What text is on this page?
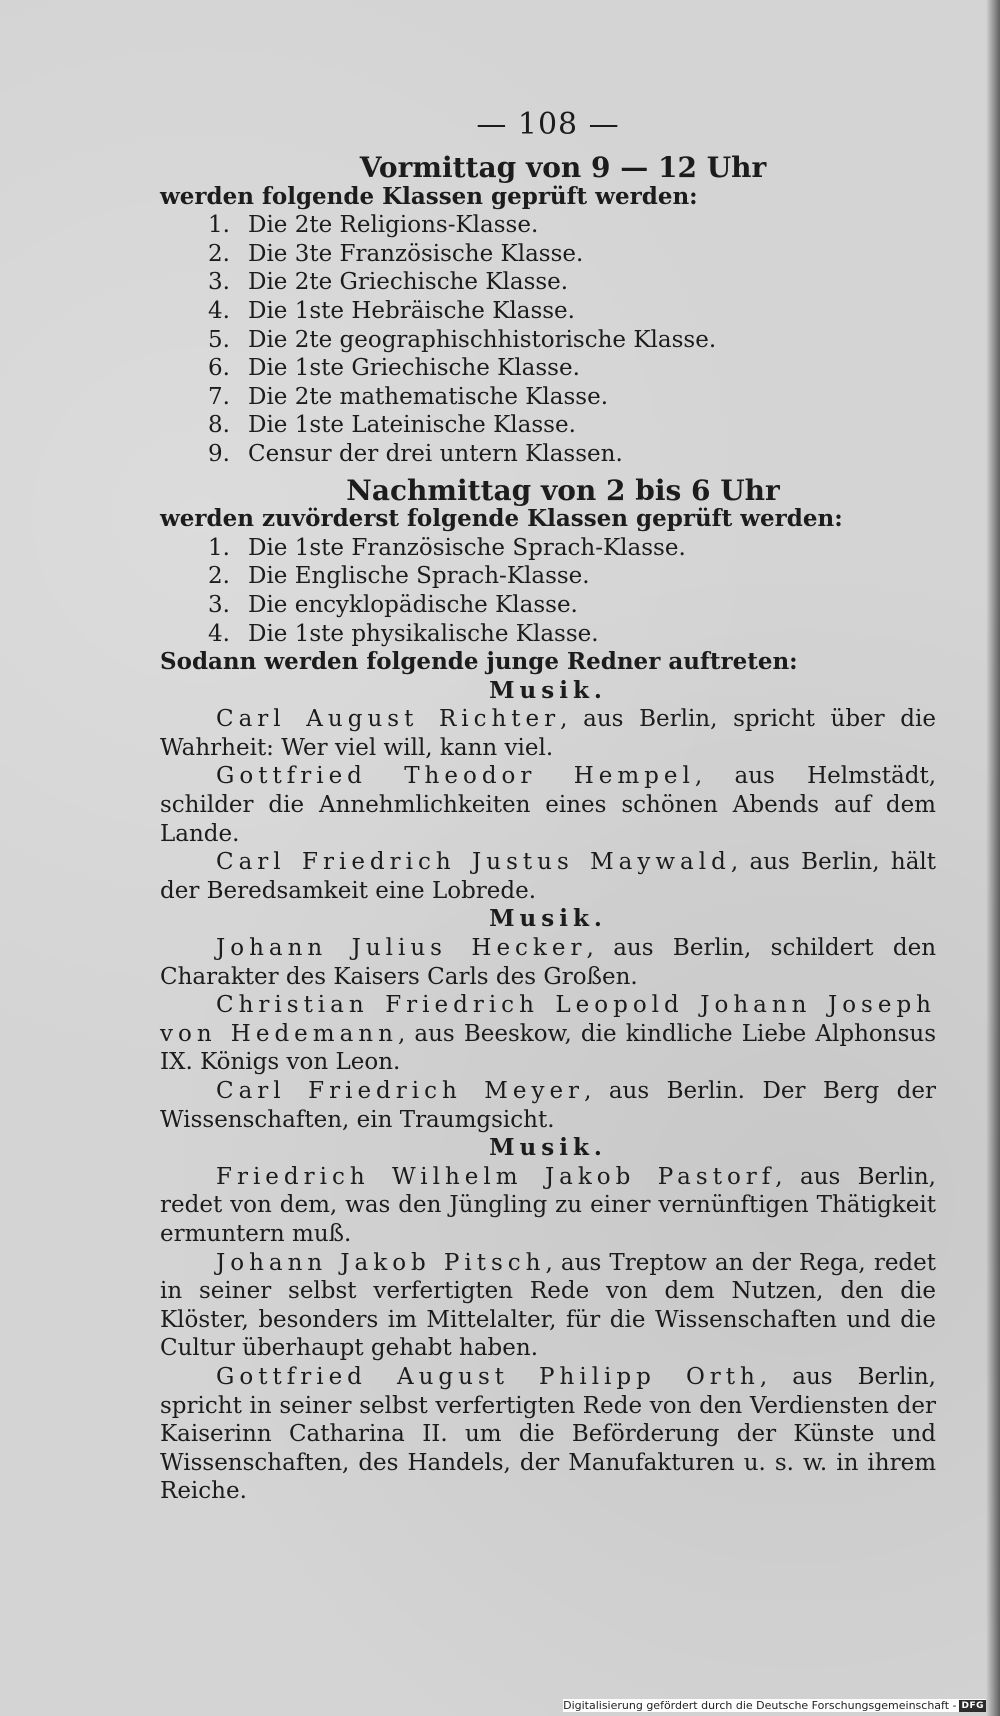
— 108 —
Vormittag von 9 — 12 Uhr
werden folgende Klassen geprüft werden:
1. Die 2te Religions-Klasse.
2. Die 3te Französische Klasse.
3. Die 2te Griechische Klasse.
4. Die 1ste Hebräische Klasse.
5. Die 2te geographischhistorische Klasse.
6. Die 1ste Griechische Klasse.
7. Die 2te mathematische Klasse.
8. Die 1ste Lateinische Klasse.
9. Censur der drei untern Klassen.
Nachmittag von 2 bis 6 Uhr
werden zuvörderst folgende Klassen geprüft werden:
1. Die 1ste Französische Sprach-Klasse.
2. Die Englische Sprach-Klasse.
3. Die encyklopädische Klasse.
4. Die 1ste physikalische Klasse.
Sodann werden folgende junge Redner auftreten:
Musik.
Carl August Richter, aus Berlin, spricht über die Wahrheit: Wer viel will, kann viel.
Gottfried Theodor Hempel, aus Helmstädt, schilder die Annehmlichkeiten eines schönen Abends auf dem Lande.
Carl Friedrich Justus Maywald, aus Berlin, hält der Beredsamkeit eine Lobrede.
Musik.
Johann Julius Hecker, aus Berlin, schildert den Charakter des Kaisers Carls des Großen.
Christian Friedrich Leopold Johann Joseph von Hedemann, aus Beeskow, die kindliche Liebe Alphonsus IX. Königs von Leon.
Carl Friedrich Meyer, aus Berlin. Der Berg der Wissenschaften, ein Traumgsicht.
Musik.
Friedrich Wilhelm Jakob Pastorf, aus Berlin, redet von dem, was den Jüngling zu einer vernünftigen Thätigkeit ermuntern muß.
Johann Jakob Pitsch, aus Treptow an der Rega, redet in seiner selbst verfertigten Rede von dem Nutzen, den die Klöster, besonders im Mittelalter, für die Wissenschaften und die Cultur überhaupt gehabt haben.
Gottfried August Philipp Orth, aus Berlin, spricht in seiner selbst verfertigten Rede von den Verdiensten der Kaiserinn Catharina II. um die Beförderung der Künste und Wissenschaften, des Handels, der Manufakturen u. s. w. in ihrem Reiche.
Digitalisierung gefördert durch die Deutsche Forschungsgemeinschaft - DFG
